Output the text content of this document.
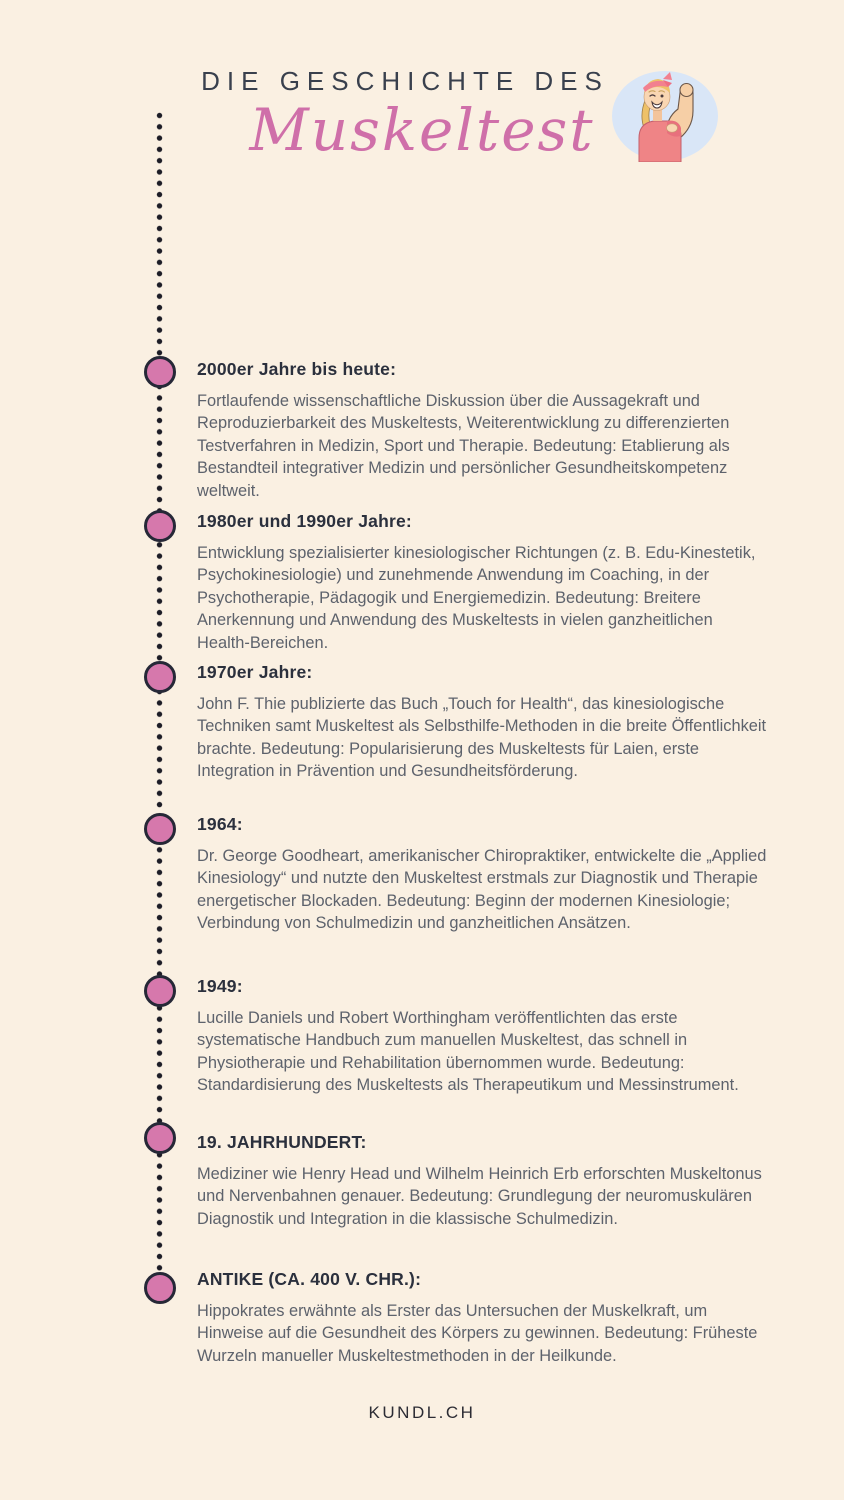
DIE GESCHICHTE DES
Muskeltest
2000er Jahre bis heute:

Fortlaufende wissenschaftliche Diskussion über die Aussagekraft und Reproduzierbarkeit des Muskeltests, Weiterentwicklung zu differenzierten Testverfahren in Medizin, Sport und Therapie. Bedeutung: Etablierung als Bestandteil integrativer Medizin und persönlicher Gesundheitskompetenz weltweit.

1980er und 1990er Jahre:

Entwicklung spezialisierter kinesiologischer Richtungen (z. B. Edu-Kinestetik, Psychokinesiologie) und zunehmende Anwendung im Coaching, in der Psychotherapie, Pädagogik und Energiemedizin. Bedeutung: Breitere Anerkennung und Anwendung des Muskeltests in vielen ganzheitlichen Health-Bereichen.

1970er Jahre:

John F. Thie publizierte das Buch „Touch for Health“, das kinesiologische Techniken samt Muskeltest als Selbsthilfe-Methoden in die breite Öffentlichkeit brachte. Bedeutung: Popularisierung des Muskeltests für Laien, erste Integration in Prävention und Gesundheitsförderung.

1964:

Dr. George Goodheart, amerikanischer Chiropraktiker, entwickelte die „Applied Kinesiology“ und nutzte den Muskeltest erstmals zur Diagnostik und Therapie energetischer Blockaden. Bedeutung: Beginn der modernen Kinesiologie; Verbindung von Schulmedizin und ganzheitlichen Ansätzen.

1949:

Lucille Daniels und Robert Worthingham veröffentlichten das erste systematische Handbuch zum manuellen Muskeltest, das schnell in Physiotherapie und Rehabilitation übernommen wurde. Bedeutung: Standardisierung des Muskeltests als Therapeutikum und Messinstrument.

19. JAHRHUNDERT:

Mediziner wie Henry Head und Wilhelm Heinrich Erb erforschten Muskeltonus und Nervenbahnen genauer. Bedeutung: Grundlegung der neuromuskulären Diagnostik und Integration in die klassische Schulmedizin.

ANTIKE (CA. 400 V. CHR.):

Hippokrates erwähnte als Erster das Untersuchen der Muskelkraft, um Hinweise auf die Gesundheit des Körpers zu gewinnen. Bedeutung: Früheste Wurzeln manueller Muskeltestmethoden in der Heilkunde.

KUNDL.CH
